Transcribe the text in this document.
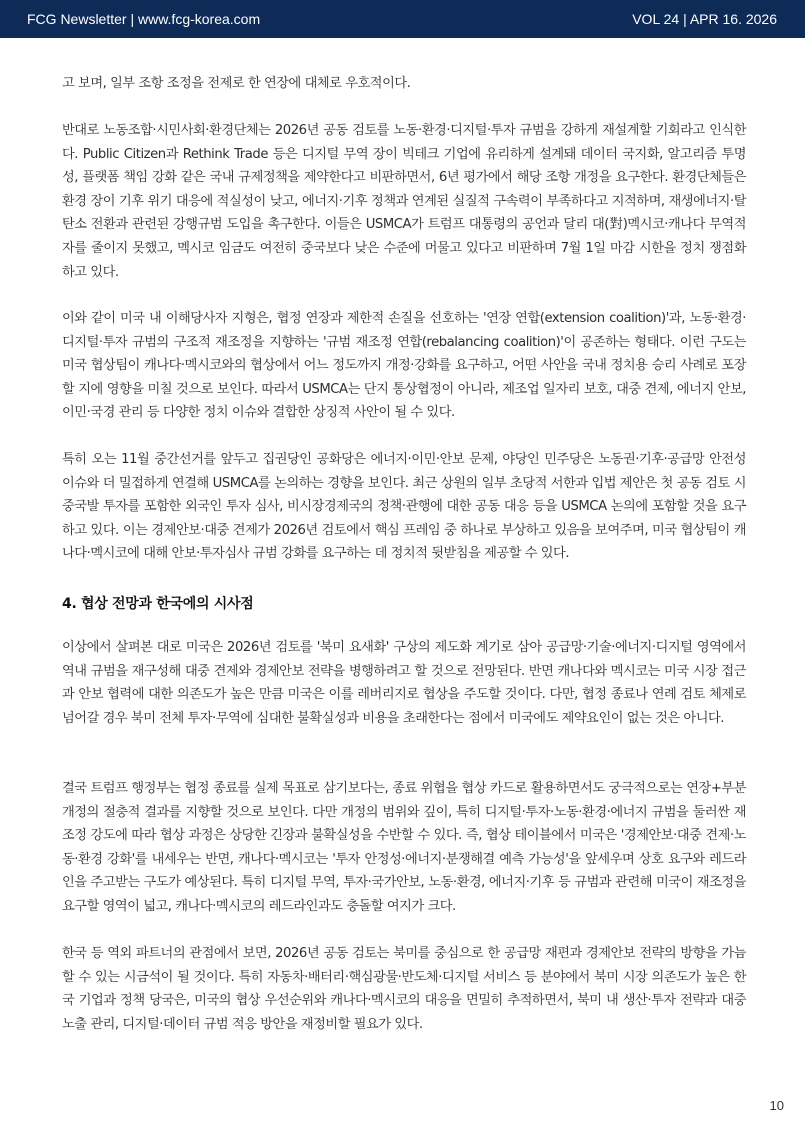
FCG Newsletter | www.fcg-korea.com	VOL 24 | APR 16. 2026

고 보며, 일부 조항 조정을 전제로 한 연장에 대체로 우호적이다.

반대로 노동조합·시민사회·환경단체는 2026년 공동 검토를 노동·환경·디지털·투자 규범을 강하게 재설계할 기회라고 인식한다. Public Citizen과 Rethink Trade 등은 디지털 무역 장이 빅테크 기업에 유리하게 설계돼 데이터 국지화, 알고리즘 투명성, 플랫폼 책임 강화 같은 국내 규제정책을 제약한다고 비판하면서, 6년 평가에서 해당 조항 개정을 요구한다. 환경단체들은 환경 장이 기후 위기 대응에 적실성이 낮고, 에너지·기후 정책과 연계된 실질적 구속력이 부족하다고 지적하며, 재생에너지·탈탄소 전환과 관련된 강행규범 도입을 촉구한다. 이들은 USMCA가 트럼프 대통령의 공언과 달리 대(對)멕시코·캐나다 무역적자를 줄이지 못했고, 멕시코 임금도 여전히 중국보다 낮은 수준에 머물고 있다고 비판하며 7월 1일 마감 시한을 정치 쟁점화하고 있다.

이와 같이 미국 내 이해당사자 지형은, 협정 연장과 제한적 손질을 선호하는 '연장 연합(extension coalition)'과, 노동·환경·디지털·투자 규범의 구조적 재조정을 지향하는 '규범 재조정 연합(rebalancing coalition)'이 공존하는 형태다. 이런 구도는 미국 협상팀이 캐나다·멕시코와의 협상에서 어느 정도까지 개정·강화를 요구하고, 어떤 사안을 국내 정치용 승리 사례로 포장할 지에 영향을 미칠 것으로 보인다. 따라서 USMCA는 단지 통상협정이 아니라, 제조업 일자리 보호, 대중 견제, 에너지 안보, 이민·국경 관리 등 다양한 정치 이슈와 결합한 상징적 사안이 될 수 있다.

특히 오는 11월 중간선거를 앞두고 집권당인 공화당은 에너지·이민·안보 문제, 야당인 민주당은 노동권·기후·공급망 안전성 이슈와 더 밀접하게 연결해 USMCA를 논의하는 경향을 보인다. 최근 상원의 일부 초당적 서한과 입법 제안은 첫 공동 검토 시 중국발 투자를 포함한 외국인 투자 심사, 비시장경제국의 정책·관행에 대한 공동 대응 등을 USMCA 논의에 포함할 것을 요구하고 있다. 이는 경제안보·대중 견제가 2026년 검토에서 핵심 프레임 중 하나로 부상하고 있음을 보여주며, 미국 협상팀이 캐나다·멕시코에 대해 안보·투자심사 규범 강화를 요구하는 데 정치적 뒷받침을 제공할 수 있다.

4. 협상 전망과 한국에의 시사점

이상에서 살펴본 대로 미국은 2026년 검토를 '북미 요새화' 구상의 제도화 계기로 삼아 공급망·기술·에너지·디지털 영역에서 역내 규범을 재구성해 대중 견제와 경제안보 전략을 병행하려고 할 것으로 전망된다. 반면 캐나다와 멕시코는 미국 시장 접근과 안보 협력에 대한 의존도가 높은 만큼 미국은 이를 레버리지로 협상을 주도할 것이다. 다만, 협정 종료나 연례 검토 체제로 넘어갈 경우 북미 전체 투자·무역에 심대한 불확실성과 비용을 초래한다는 점에서 미국에도 제약요인이 없는 것은 아니다.

결국 트럼프 행정부는 협정 종료를 실제 목표로 삼기보다는, 종료 위협을 협상 카드로 활용하면서도 궁극적으로는 연장+부분 개정의 절충적 결과를 지향할 것으로 보인다. 다만 개정의 범위와 깊이, 특히 디지털·투자·노동·환경·에너지 규범을 둘러싼 재조정 강도에 따라 협상 과정은 상당한 긴장과 불확실성을 수반할 수 있다. 즉, 협상 테이블에서 미국은 '경제안보·대중 견제·노동·환경 강화'를 내세우는 반면, 캐나다·멕시코는 '투자 안정성·에너지·분쟁해결 예측 가능성'을 앞세우며 상호 요구와 레드라인을 주고받는 구도가 예상된다. 특히 디지털 무역, 투자·국가안보, 노동·환경, 에너지·기후 등 규범과 관련해 미국이 재조정을 요구할 영역이 넓고, 캐나다·멕시코의 레드라인과도 충돌할 여지가 크다.

한국 등 역외 파트너의 관점에서 보면, 2026년 공동 검토는 북미를 중심으로 한 공급망 재편과 경제안보 전략의 방향을 가늠할 수 있는 시금석이 될 것이다. 특히 자동차·배터리·핵심광물·반도체·디지털 서비스 등 분야에서 북미 시장 의존도가 높은 한국 기업과 정책 당국은, 미국의 협상 우선순위와 캐나다·멕시코의 대응을 면밀히 추적하면서, 북미 내 생산·투자 전략과 대중 노출 관리, 디지털·데이터 규범 적응 방안을 재정비할 필요가 있다.

10
